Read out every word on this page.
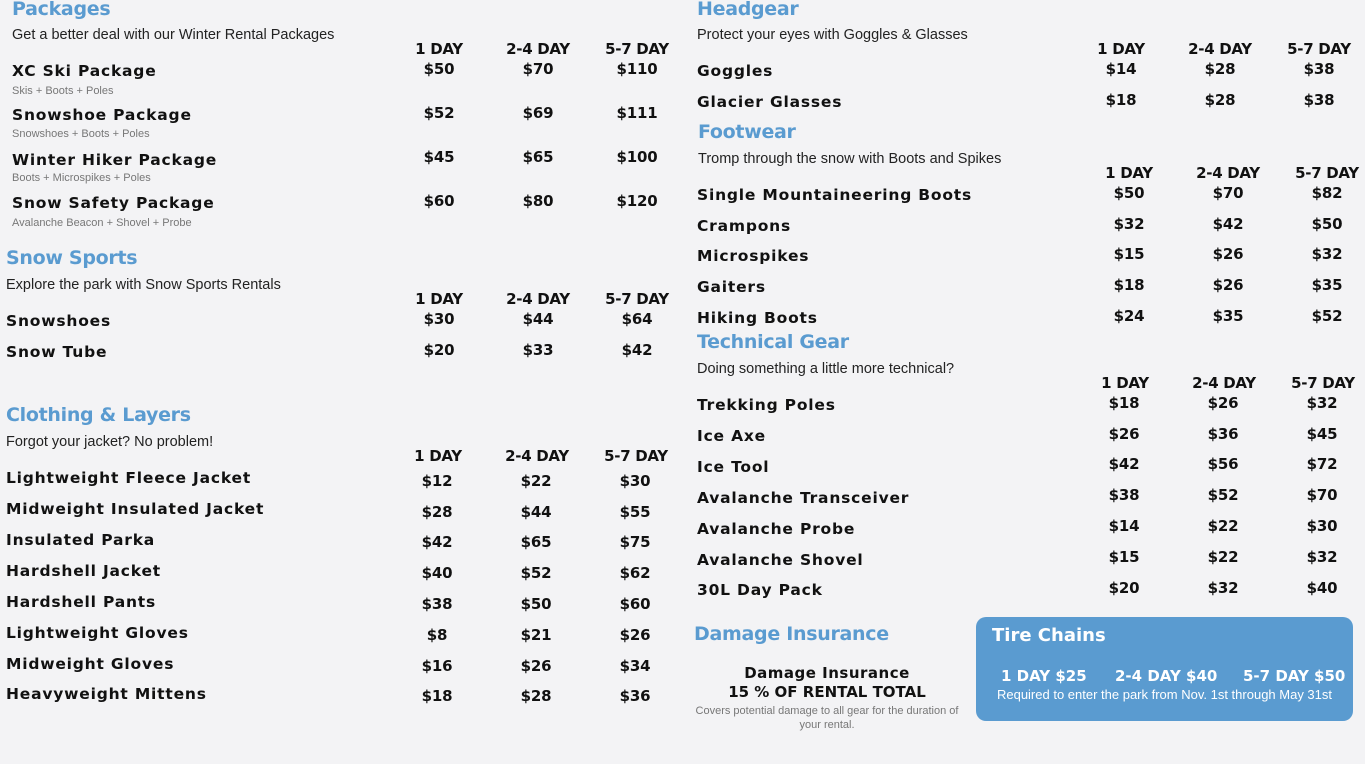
Packages
Get a better deal with our Winter Rental Packages
1 DAY	2-4 DAY	5-7 DAY
XC Ski Package
Skis + Boots + Poles
$50	$70	$110
Snowshoe Package
Snowshoes + Boots + Poles
$52	$69	$111
Winter Hiker Package
Boots + Microspikes + Poles
$45	$65	$100
Snow Safety Package
Avalanche Beacon + Shovel + Probe
$60	$80	$120
Snow Sports
Explore the park with Snow Sports Rentals
1 DAY	2-4 DAY	5-7 DAY
Snowshoes	$30	$44	$64
Snow Tube	$20	$33	$42
Clothing & Layers
Forgot your jacket? No problem!
1 DAY	2-4 DAY	5-7 DAY
Lightweight Fleece Jacket	$12	$22	$30
Midweight Insulated Jacket	$28	$44	$55
Insulated Parka	$42	$65	$75
Hardshell Jacket	$40	$52	$62
Hardshell Pants	$38	$50	$60
Lightweight Gloves	$8	$21	$26
Midweight Gloves	$16	$26	$34
Heavyweight Mittens	$18	$28	$36
Headgear
Protect your eyes with Goggles & Glasses
1 DAY	2-4 DAY	5-7 DAY
Goggles	$14	$28	$38
Glacier Glasses	$18	$28	$38
Footwear
Tromp through the snow with Boots and Spikes
1 DAY	2-4 DAY	5-7 DAY
Single Mountaineering Boots	$50	$70	$82
Crampons	$32	$42	$50
Microspikes	$15	$26	$32
Gaiters	$18	$26	$35
Hiking Boots	$24	$35	$52
Technical Gear
Doing something a little more technical?
1 DAY	2-4 DAY	5-7 DAY
Trekking Poles	$18	$26	$32
Ice Axe	$26	$36	$45
Ice Tool	$42	$56	$72
Avalanche Transceiver	$38	$52	$70
Avalanche Probe	$14	$22	$30
Avalanche Shovel	$15	$22	$32
30L Day Pack	$20	$32	$40
Damage Insurance
Damage Insurance
15 % OF RENTAL TOTAL
Covers potential damage to all gear for the duration of your rental.
Tire Chains
1 DAY $25 2-4 DAY $40 5-7 DAY $50
Required to enter the park from Nov. 1st through May 31st
